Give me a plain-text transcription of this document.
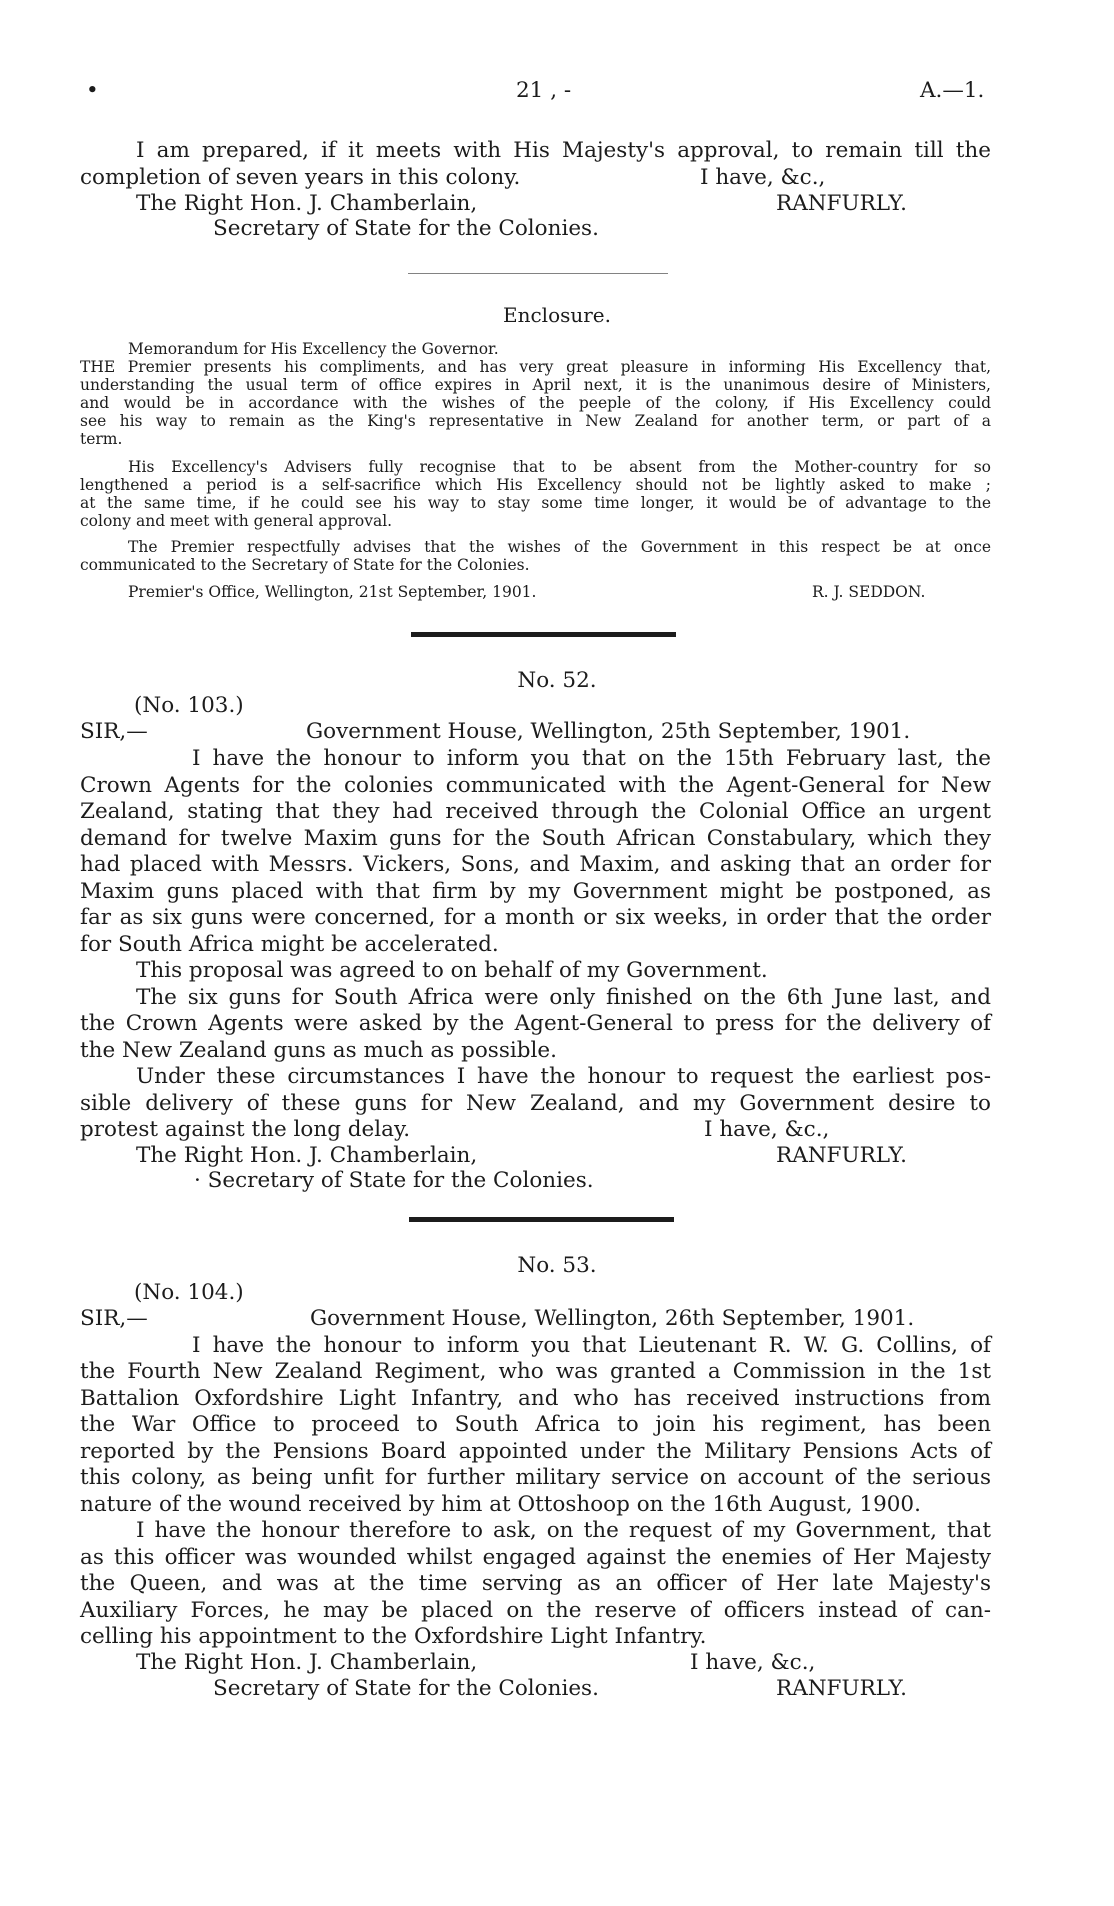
•	21 , -	A.—1.
I am prepared, if it meets with His Majesty's approval, to remain till the
completion of seven years in this colony.	I have, &c.,
The Right Hon. J. Chamberlain,	RANFURLY.
Secretary of State for the Colonies.
Enclosure.
Memorandum for His Excellency the Governor.
THE Premier presents his compliments, and has very great pleasure in informing His Excellency that,
understanding the usual term of office expires in April next, it is the unanimous desire of Ministers,
and would be in accordance with the wishes of the peeple of the colony, if His Excellency could
see his way to remain as the King's representative in New Zealand for another term, or part of a
term.
His Excellency's Advisers fully recognise that to be absent from the Mother-country for so
lengthened a period is a self-sacrifice which His Excellency should not be lightly asked to make ;
at the same time, if he could see his way to stay some time longer, it would be of advantage to the
colony and meet with general approval.
The Premier respectfully advises that the wishes of the Government in this respect be at once
communicated to the Secretary of State for the Colonies.
Premier's Office, Wellington, 21st September, 1901.	R. J. SEDDON.
No. 52.
(No. 103.)
SIR,—	Government House, Wellington, 25th September, 1901.
I have the honour to inform you that on the 15th February last, the
Crown Agents for the colonies communicated with the Agent-General for New
Zealand, stating that they had received through the Colonial Office an urgent
demand for twelve Maxim guns for the South African Constabulary, which they
had placed with Messrs. Vickers, Sons, and Maxim, and asking that an order for
Maxim guns placed with that firm by my Government might be postponed, as
far as six guns were concerned, for a month or six weeks, in order that the order
for South Africa might be accelerated.
This proposal was agreed to on behalf of my Government.
The six guns for South Africa were only finished on the 6th June last, and
the Crown Agents were asked by the Agent-General to press for the delivery of
the New Zealand guns as much as possible.
Under these circumstances I have the honour to request the earliest pos-
sible delivery of these guns for New Zealand, and my Government desire to
protest against the long delay.	I have, &c.,
The Right Hon. J. Chamberlain,	RANFURLY.
· Secretary of State for the Colonies.
No. 53.
(No. 104.)
SIR,—	Government House, Wellington, 26th September, 1901.
I have the honour to inform you that Lieutenant R. W. G. Collins, of
the Fourth New Zealand Regiment, who was granted a Commission in the 1st
Battalion Oxfordshire Light Infantry, and who has received instructions from
the War Office to proceed to South Africa to join his regiment, has been
reported by the Pensions Board appointed under the Military Pensions Acts of
this colony, as being unfit for further military service on account of the serious
nature of the wound received by him at Ottoshoop on the 16th August, 1900.
I have the honour therefore to ask, on the request of my Government, that
as this officer was wounded whilst engaged against the enemies of Her Majesty
the Queen, and was at the time serving as an officer of Her late Majesty's
Auxiliary Forces, he may be placed on the reserve of officers instead of can-
celling his appointment to the Oxfordshire Light Infantry.
The Right Hon. J. Chamberlain,	I have, &c.,
Secretary of State for the Colonies.	RANFURLY.
